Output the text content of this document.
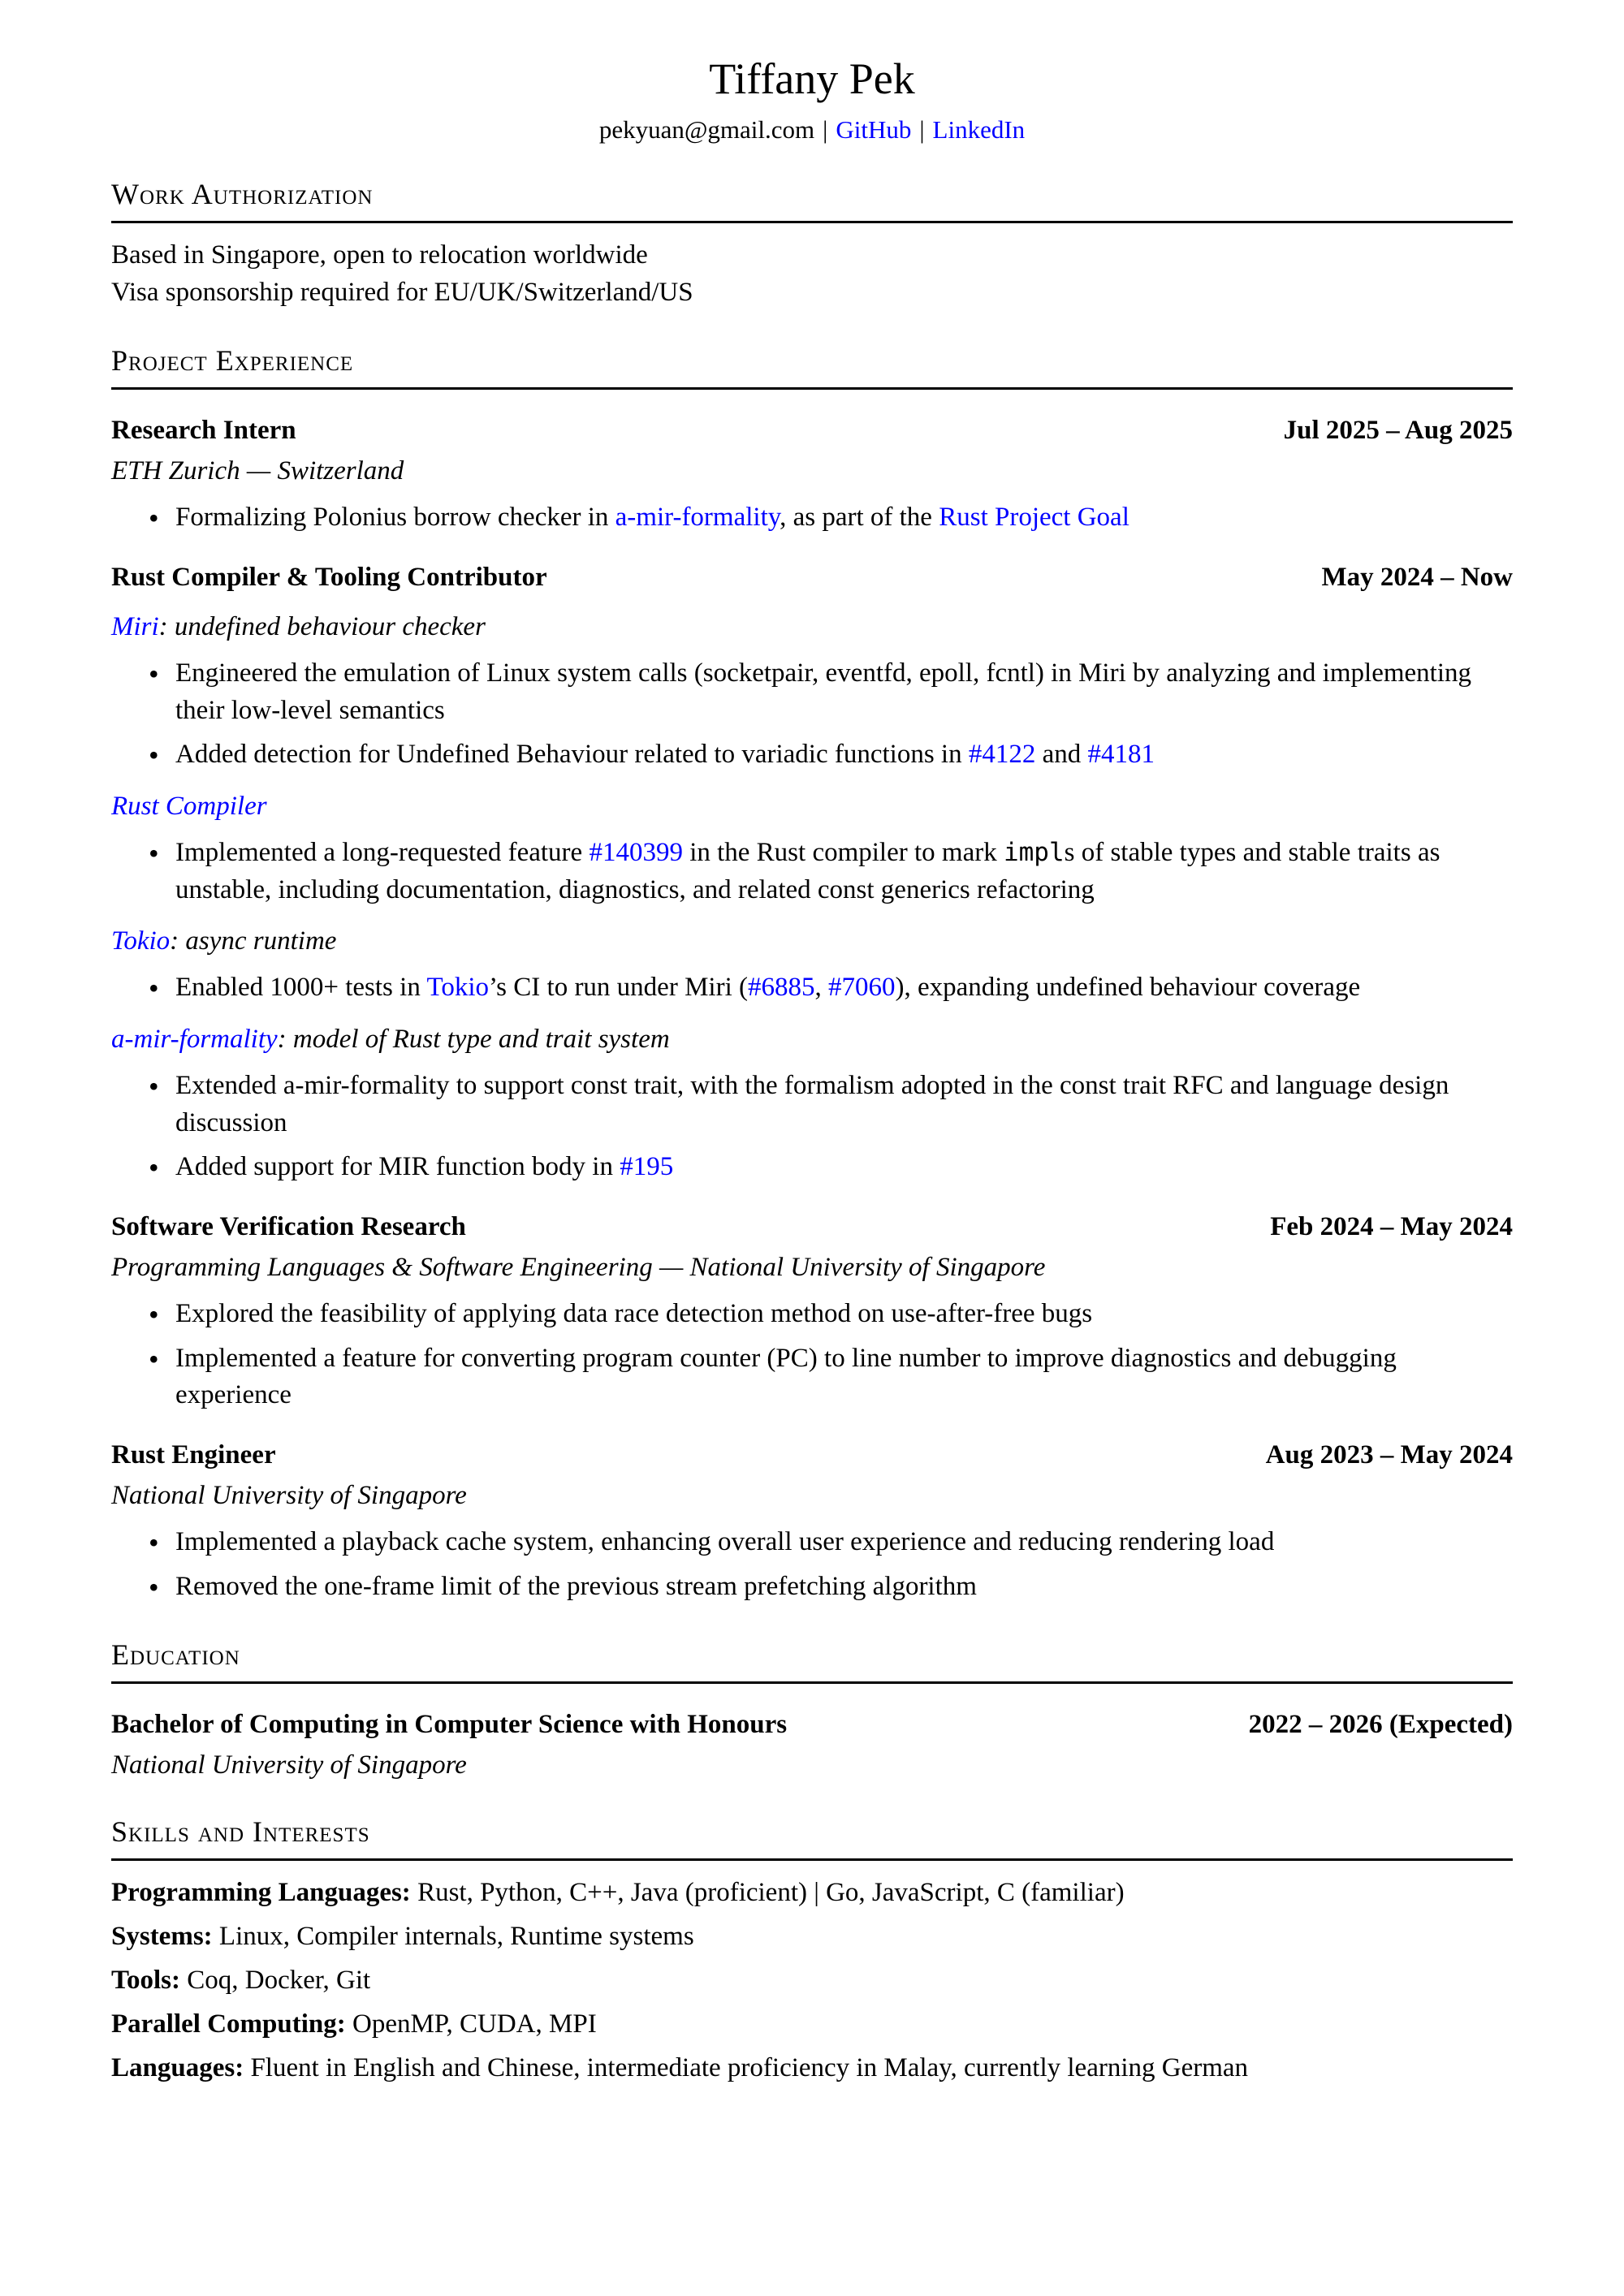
Tiffany Pek
pekyuan@gmail.com | GitHub | LinkedIn
Work Authorization
Based in Singapore, open to relocation worldwide
Visa sponsorship required for EU/UK/Switzerland/US
Project Experience
Research Intern	Jul 2025 – Aug 2025
ETH Zurich — Switzerland
• Formalizing Polonius borrow checker in a-mir-formality, as part of the Rust Project Goal
Rust Compiler & Tooling Contributor	May 2024 – Now
Miri: undefined behaviour checker
• Engineered the emulation of Linux system calls (socketpair, eventfd, epoll, fcntl) in Miri by analyzing and implementing their low-level semantics
• Added detection for Undefined Behaviour related to variadic functions in #4122 and #4181
Rust Compiler
• Implemented a long-requested feature #140399 in the Rust compiler to mark impls of stable types and stable traits as unstable, including documentation, diagnostics, and related const generics refactoring
Tokio: async runtime
• Enabled 1000+ tests in Tokio’s CI to run under Miri (#6885, #7060), expanding undefined behaviour coverage
a-mir-formality: model of Rust type and trait system
• Extended a-mir-formality to support const trait, with the formalism adopted in the const trait RFC and language design discussion
• Added support for MIR function body in #195
Software Verification Research	Feb 2024 – May 2024
Programming Languages & Software Engineering — National University of Singapore
• Explored the feasibility of applying data race detection method on use-after-free bugs
• Implemented a feature for converting program counter (PC) to line number to improve diagnostics and debugging experience
Rust Engineer	Aug 2023 – May 2024
National University of Singapore
• Implemented a playback cache system, enhancing overall user experience and reducing rendering load
• Removed the one-frame limit of the previous stream prefetching algorithm
Education
Bachelor of Computing in Computer Science with Honours	2022 – 2026 (Expected)
National University of Singapore
Skills and Interests
Programming Languages: Rust, Python, C++, Java (proficient) | Go, JavaScript, C (familiar)
Systems: Linux, Compiler internals, Runtime systems
Tools: Coq, Docker, Git
Parallel Computing: OpenMP, CUDA, MPI
Languages: Fluent in English and Chinese, intermediate proficiency in Malay, currently learning German
